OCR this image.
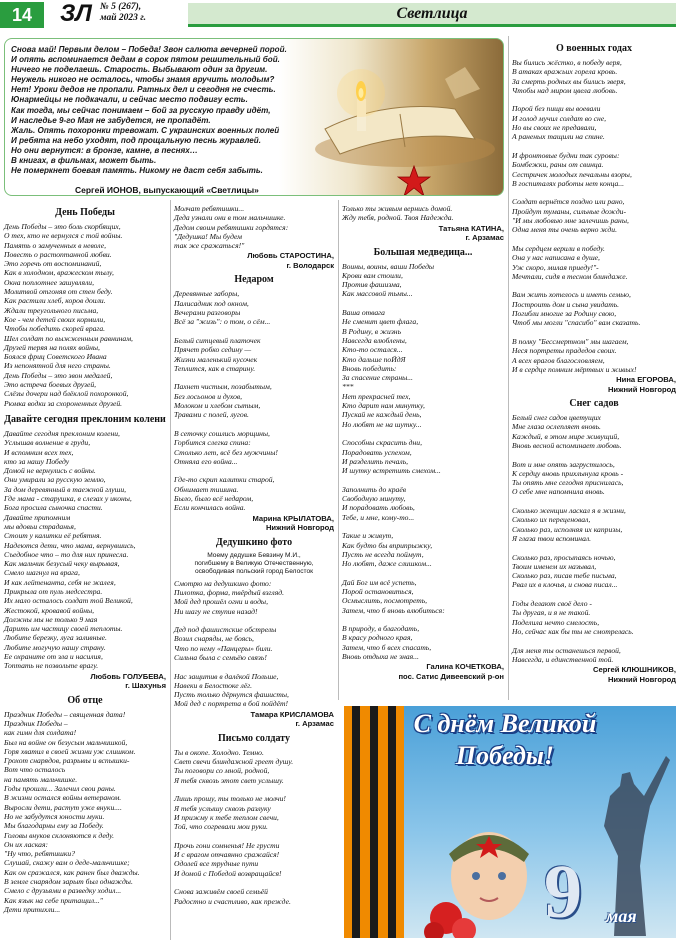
14	ЗЛ № 5 (267),
май 2023 г.	Светлица
Снова май! Первым делом – Победа! Звон салюта вечерней порой.
И опять вспоминается дедам в сорок пятом решительный бой.
Ничего не поделаешь. Старость. Выбывают один за другим.
Неужель никого не осталось, чтобы знамя вручить молодым?
Нет! Уроки дедов не пропали. Ратных дел и сегодня не счесть.
Юнармейцы не подкачали, и сейчас место подвигу есть.
Как тогда, мы сейчас понимаем – бой за русскую правду идёт,
И наследье 9-го Мая не забудется, не пропадёт.
Жаль. Опять похоронки тревожат. С украинских военных полей
И ребята на небо уходят, под прощальную песнь журавлей.
Но они вернутся: в бронзе, камне, в песнях…
В книгах, в фильмах, может быть.
Не померкнет боевая память. Никому не даст себя забыть.
Сергей ИОНОВ, выпускающий «Светлицы»
День Победы

День Победы – это боль скорбящих,
О тех, кто не вернулся с той войны.
Память о замученных в неволе,
Повесть о растоптанной любви.
Это горечь от воспоминаний,
Как в холодном, вражеском тылу,
Окна поплотнее зашувляли,
Молитвой отгоняя от стен беду.
Как растили хлеб, коров доили.
Ждали треугольного письма,
Кое - чем детей своих кормили,
Чтобы победить скорей врага.
Шел солдат по выжженным равнинам,
Друзей теряя на полях войны,
Боялся фриц Советского Ивана
Из непонятной для него страны.
День Победы – это звон медалей,
Это встреча боевых друзей,
Слёзы дочери над блёклой похоронкой,
Рюмка водки за схороненных друзей.

Давайте сегодня преклоним колени

Давайте сегодня преклоним колени,
Услышав волнение в груди,
И вспомним всех тех,
кто за нашу Победу
Домой не вернулись с войны.
Они умирали за русскую землю,
За дом деревянный в таежной глуши,
Где мама - старушка, в слезах у иконы,
Бога просила сыночка спасти.
Давайте припомним
мы вдовьи страданья,
Стоит у калитки её ребятня.
Надеются дети, что мама, вернувшись,
Съедобное что – то для них принесла.
Как мальчик безусый чеку вырывая,
Смело шагнул на врага,
И как лейтенанта, себя не жалея,
Прикрыла от пуль медсестра.
Их мало осталось солдат той Великой,
Жестокой, кровавой войны,
Должны мы не только 9 мая
Дарить им частицу своей теплоты.
Любите березку, луга заливные.
Любите могучую нашу страну.
Ее охраните от зла и насилия,
Топтать не позвольте врагу.

Любовь ГОЛУБЕВА,
г. Шахунья
Об отце

Праздник Победы – священная дата!
Праздник Победы –
как гимн для солдата!
Был на войне он безусым мальчишкой,
Горя хватил в своей жизни уж слишком.
Грохот снарядов, разрывы и вспышки-
Вот что осталось
на память мальчишке.
Годы прошли... Залечил свои раны.
В жизни остался войны ветераном.
Выросли дети, растут уже внуки....
Но не забудутся юности муки.
Мы благодарны ему за Победу.
Головы внуков склоняются к деду.
Он их лаская:
"Ну что, ребятишки?
Слушай, скажу вам о деде-мальчишке;
Как он сражался, как ранен был дважды.
В земле снарядом зарыт был однажды.
Смело с друзьями в разведку ходил...
Как язык на себе притащил..."
Дети притихли...

Молчат ребятишки...
Деда узнали они в том мальчишке.
Дедом своим ребятишки гордятся:
"Дедушка! Мы будем
так же сражаться!"

Любовь СТАРОСТИНА,
г. Володарск
Недаром

Деревянные заборы,
Палисадник под окном,
Вечерами разговоры
Всё за "жизь": о том, о сём...

Белый ситцевый платочек
Прячет робко седину —
Жизни маленький кусочек
Теплится, как в старину.

Пахнет чистым, позабытым,
Без лосьонов и духов,
Молоком и хлебом сытым,
Травами с полей, лугов.

В сеточку сошлись морщины,
Горбится слегка спина:
Столько лет, всё без мужчины!
Отняла его война...

Где-то скрип калитки старой,
Обнимает тишина.
Было, было всё недаром,
Если кончилась война.

Марина КРЫЛАТОВА,
Нижний Новгород
Дедушкино фото
Моему дедушке Бевзину М.И.,
погибшему в Великую Отечественную,
освободивая польский город Белосток

Смотрю на дедушкино фото:
Пилотка, форма, твёрдый взгляд.
Мой дед прошёл огни и воды,
Ни шагу не ступив назад!

Дед под фашистские обстрелы
Возил снаряды, не боясь,
Что по нему «Панцеры» били.
Сильна была с семьёю связь!

Нас защитив в далёкой Польше,
Навеки в Белостоке лёг.
Пусть только дёрнутся фашисты,
Мой дед с портрета в бой пойдёт!

Тамара КРИСЛАМОВА
г. Арзамас
Письмо солдату

Ты в окопе. Холодно. Темно.
Свет свечи блиндажной греет душу.
Ты поговори со мной, родной,
Я тебя сквозь этот свет услышу.

Лишь прошу, ты только не молчи!
Я тебя услышу сквозь разлуку
И прижму к тебе теплом свечи,
Той, что согревали мои руки.

Прочь гони сомненья! Не грусти
И с врагом отчаянно сражайся!
Одолей все трудные пути
И домой с Победой возвращайся!

Снова заживём своей семьёй
Радостно и счастливо, как прежде.

Только ты живым вернись домой.
Жду тебя, родной. Твоя Надежда.

Татьяна КАТИНА,
г. Арзамас
Большая медведица...

Воины, воины, ваши Победы
Крови вам стоили,
Против фашизма,
Как массовой тьмы...

Ваша отвага
Не сменит цвет флага,
В Родину, в жизнь
Навсегда влюблены,
Кто-то остался...
Кто дальше поЙдЯ
Вновь победить:
За спасение страны...
***
Нет прекрасней тех,
Кто дарит нам минутку,
Пускай не каждый день,
Но любят не на шутку...

Способны скрасить дни,
Порадовать успехом,
И разделить печаль,
И шутку встретить смехом...

Заполнить до краёв
Свободную минуту,
И порадовать любовь,
Тебе, и мне, кому-то...

Такие и живут,
Как будто бы вприпрыжку,
Пусть не всегда поймут,
Но любят, даже слишком...

Дай Бог им всё успеть,
Порой остановиться,
Осмыслить, посмотреть,
Затем, что б вновь влюбиться:

В природу, в благодать,
В красу родного края,
Затем, что б всех спасать,
Вновь отдыха не зная...

Галина КОЧЕТКОВА,
пос. Сатис Дивеевский р-он
О военных годах

Вы бились жёстко, в победу веря,
В атаках вражьих горела кровь.
За смерть родных вы бились зверя,
Чтобы над миром цвела любовь.

Порой без пищи вы воевали
И голод мучил солдат во сне,
Но вы своих не предавали,
А раненых тащили на спине.

И фронтовые будни так суровы:
Бомбежки, раны от свинца.
Сестричек молодых печальны взоры,
В госпиталях работы нет конца...

Солдат вернётся поздно или рано,
Пройдут туманы, сильные дожди-
"И мы любовью мне залечишь раны,
Одна меня ты очень верно жди.

Мы сердцем верили в победу.
Она у нас написана в душе,
Уж скоро, милая приеду!"-
Мечтали, сидя в тесном блиндаже.

Вам жить хотелось и иметь семью,
Построить дом и сына увидать.
Погибли многие за Родину свою,
Чтоб мы могли "спасибо" вам сказать.

В полку "Бессмертном" мы шагаем,
Неся портреты прадедов своих.
А всех врагов благословляем,
И в сердце помним мёртвых и живых!

Нина ЕГОРОВА,
Нижний Новгород
Снег садов

Белый снег садов цветущих
Мне глаза ослепляет вновь.
Каждый, в этом мире живущий,
Вновь весной вспоминает любовь.

Вот и мне опять загрустилось,
К сердцу вновь прихлынула кровь -
Ты опять мне сегодня приснилась,
О себе мне напомнила вновь.

Сколько женщин ласкал я в жизни,
Сколько их переценовал,
Сколько раз, исполняя их капризы,
Я глаза твои вспоминал.

Сколько раз, просыпаясь ночью,
Твоим именем их называл,
Сколько раз, писав тебе письма,
Рвал их в клочья, и снова писал...

Годы делают своё дело -
Ты другая, и я не такой.
Поделила нечто смелость,
Но, сейчас как бы ты не смотрелась.

Для меня ты останешься первой,
Навсегда, и единственной той.

Сергей КЛЮШНИКОВ,
Нижний Новгород
С днём Великой
Победы!
9 мая
